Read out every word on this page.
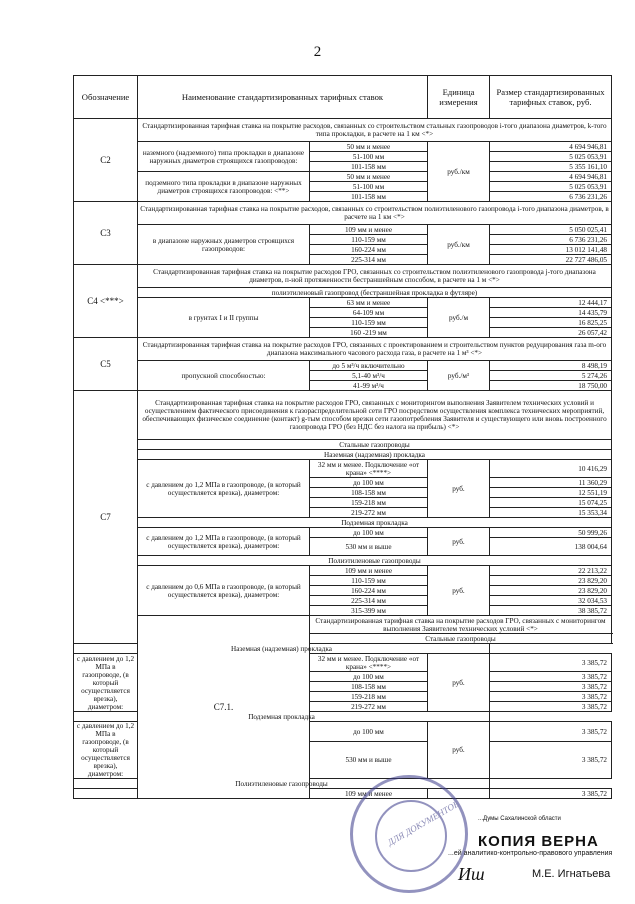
2
Обозначение	Наименование стандартизированных тарифных ставок		Единица измерения	Размер стандартизированных тарифных ставок, руб.
С2	Стандартизированная тарифная ставка на покрытие расходов, связанных со строительством стальных газопроводов i-того диапазона диаметров, k-того типа прокладки, в расчете на 1 км <*>			
	наземного (надземного) типа прокладки в диапазоне наружных диаметров строящихся газопроводов:	50 мм и менее	руб./км	4 694 946,81
		51-100 мм		5 025 053,91
		101-158 мм		5 355 161,10
	подземного типа прокладки в диапазоне наружных диаметров строящихся газопроводов: <**>	50 мм и менее		4 694 946,81
		51-100 мм		5 025 053,91
		101-158 мм		6 736 231,26
С3	Стандартизированная тарифная ставка на покрытие расходов, связанных со строительством полиэтиленового газопровода i-того диапазона диаметров, в расчете на 1 км <*>			
	в диапазоне наружных диаметров строящихся газопроводов:	109 мм и менее	руб./км	5 050 025,41
		110-159 мм		6 736 231,26
		160-224 мм		13 012 141,48
		225-314 мм		22 727 486,05
С4 <***>	Стандартизированная тарифная ставка на покрытие расходов ГРО, связанных со строительством полиэтиленового газопровода j-того диапазона диаметров, п-ной протяженности бестраншейным способом, в расчете на 1 м <*>			
	полиэтиленовый газопровод (бестраншейная прокладка в футляре)			
	в грунтах I и II группы	63 мм и менее	руб./м	12 444,17
		64-109 мм		14 435,79
		110-159 мм		16 825,25
		160 -219 мм		26 057,42
С5	Стандартизированная тарифная ставка на покрытие расходов ГРО, связанных с проектированием и строительством пунктов редуцирования газа m-ого диапазона максимального часового расхода газа, в расчете на 1 м³ <*>			
	пропускной способностью:	до 5 м³/ч включительно	руб./м³	8 498,19
		5,1-40 м³/ч		5 274,26
		41-99 м³/ч		18 750,00
С7	Стандартизированная тарифная ставка на покрытие расходов ГРО, связанных с мониторингом выполнения Заявителем технических условий и осуществлением фактического присоединения к газораспределительной сети ГРО посредством осуществления комплекса технических мероприятий, обеспечивающих физическое соединение (контакт) g-тым способом врезки сети газопотребления Заявителя и существующего или вновь построенного газопровода ГРО (без НДС без налога на прибыль) <*>			
	Стальные газопроводы			
	Наземная (надземная) прокладка			
	с давлением до 1,2 МПа в газопроводе, (в который осуществляется врезка), диаметром:	32 мм и менее. Подключение «от крана» <****>	руб.	10 416,29
		до 100 мм		11 360,29
		108-158 мм		12 551,19
		159-218 мм		15 074,25
		219-272 мм		15 353,34
	Подземная прокладка			
	с давлением до 1,2 МПа в газопроводе, (в который осуществляется врезка), диаметром:	до 100 мм	руб.	50 999,26
		530 мм и выше		138 004,64
	Полиэтиленовые газопроводы			
	с давлением до 0,6 МПа в газопроводе, (в который осуществляется врезка), диаметром:	109 мм и менее	руб.	22 213,22
		110-159 мм		23 829,20
		160-224 мм		23 829,20
		225-314 мм		32 034,53
		315-399 мм		38 385,72
	С7.1.	Стандартизированная тарифная ставка на покрытие расходов ГРО, связанных с мониторингом выполнения Заявителем технических условий <*>		
		Стальные газопроводы		
Наземная (надземная) прокладка				
с давлением до 1,2 МПа в газопроводе, (в который осуществляется врезка), диаметром:		32 мм и менее. Подключение «от крана» <****>	руб.	3 385,72
		до 100 мм		3 385,72
		108-158 мм		3 385,72
		159-218 мм		3 385,72
		219-272 мм		3 385,72
Подземная прокладка				
с давлением до 1,2 МПа в газопроводе, (в который осуществляется врезка), диаметром:		до 100 мм	руб.	3 385,72
		530 мм и выше		3 385,72
Полиэтиленовые газопроводы				
		109 мм и менее		3 385,72
ДЛЯ ДОКУМЕНТОВ	...Думы Сахалинской области
КОПИЯ ВЕРНА
...ей аналитико-контрольно-правового управления
Иш	М.Е. Игнатьева
